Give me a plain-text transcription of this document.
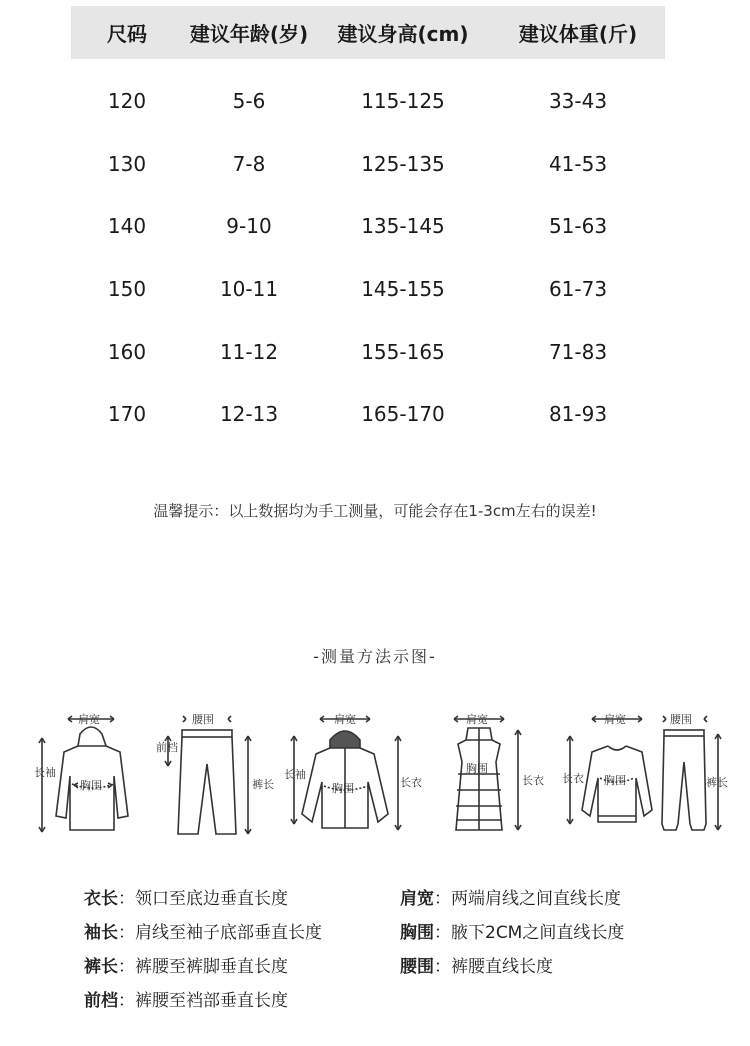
尺码	建议年龄(岁)	建议身高(cm)	建议体重(斤)
120	5-6	115-125	33-43
130	7-8	125-135	41-53
140	9-10	135-145	51-63
150	10-11	145-155	61-73
160	11-12	155-165	71-83
170	12-13	165-170	81-93
温馨提示：以上数据均为手工测量，可能会存在1-3cm左右的误差!
-测量方法示图-
肩宽
长袖
胸围
腰围
前档
裤长
肩宽
长袖
胸围	长衣
肩宽
胸围
长衣
肩宽
胸围
长衣
腰围
裤长
衣长：领口至底边垂直长度
袖长：肩线至袖子底部垂直长度
裤长：裤腰至裤脚垂直长度
前档：裤腰至裆部垂直长度
肩宽：两端肩线之间直线长度
胸围：腋下2CM之间直线长度
腰围：裤腰直线长度
